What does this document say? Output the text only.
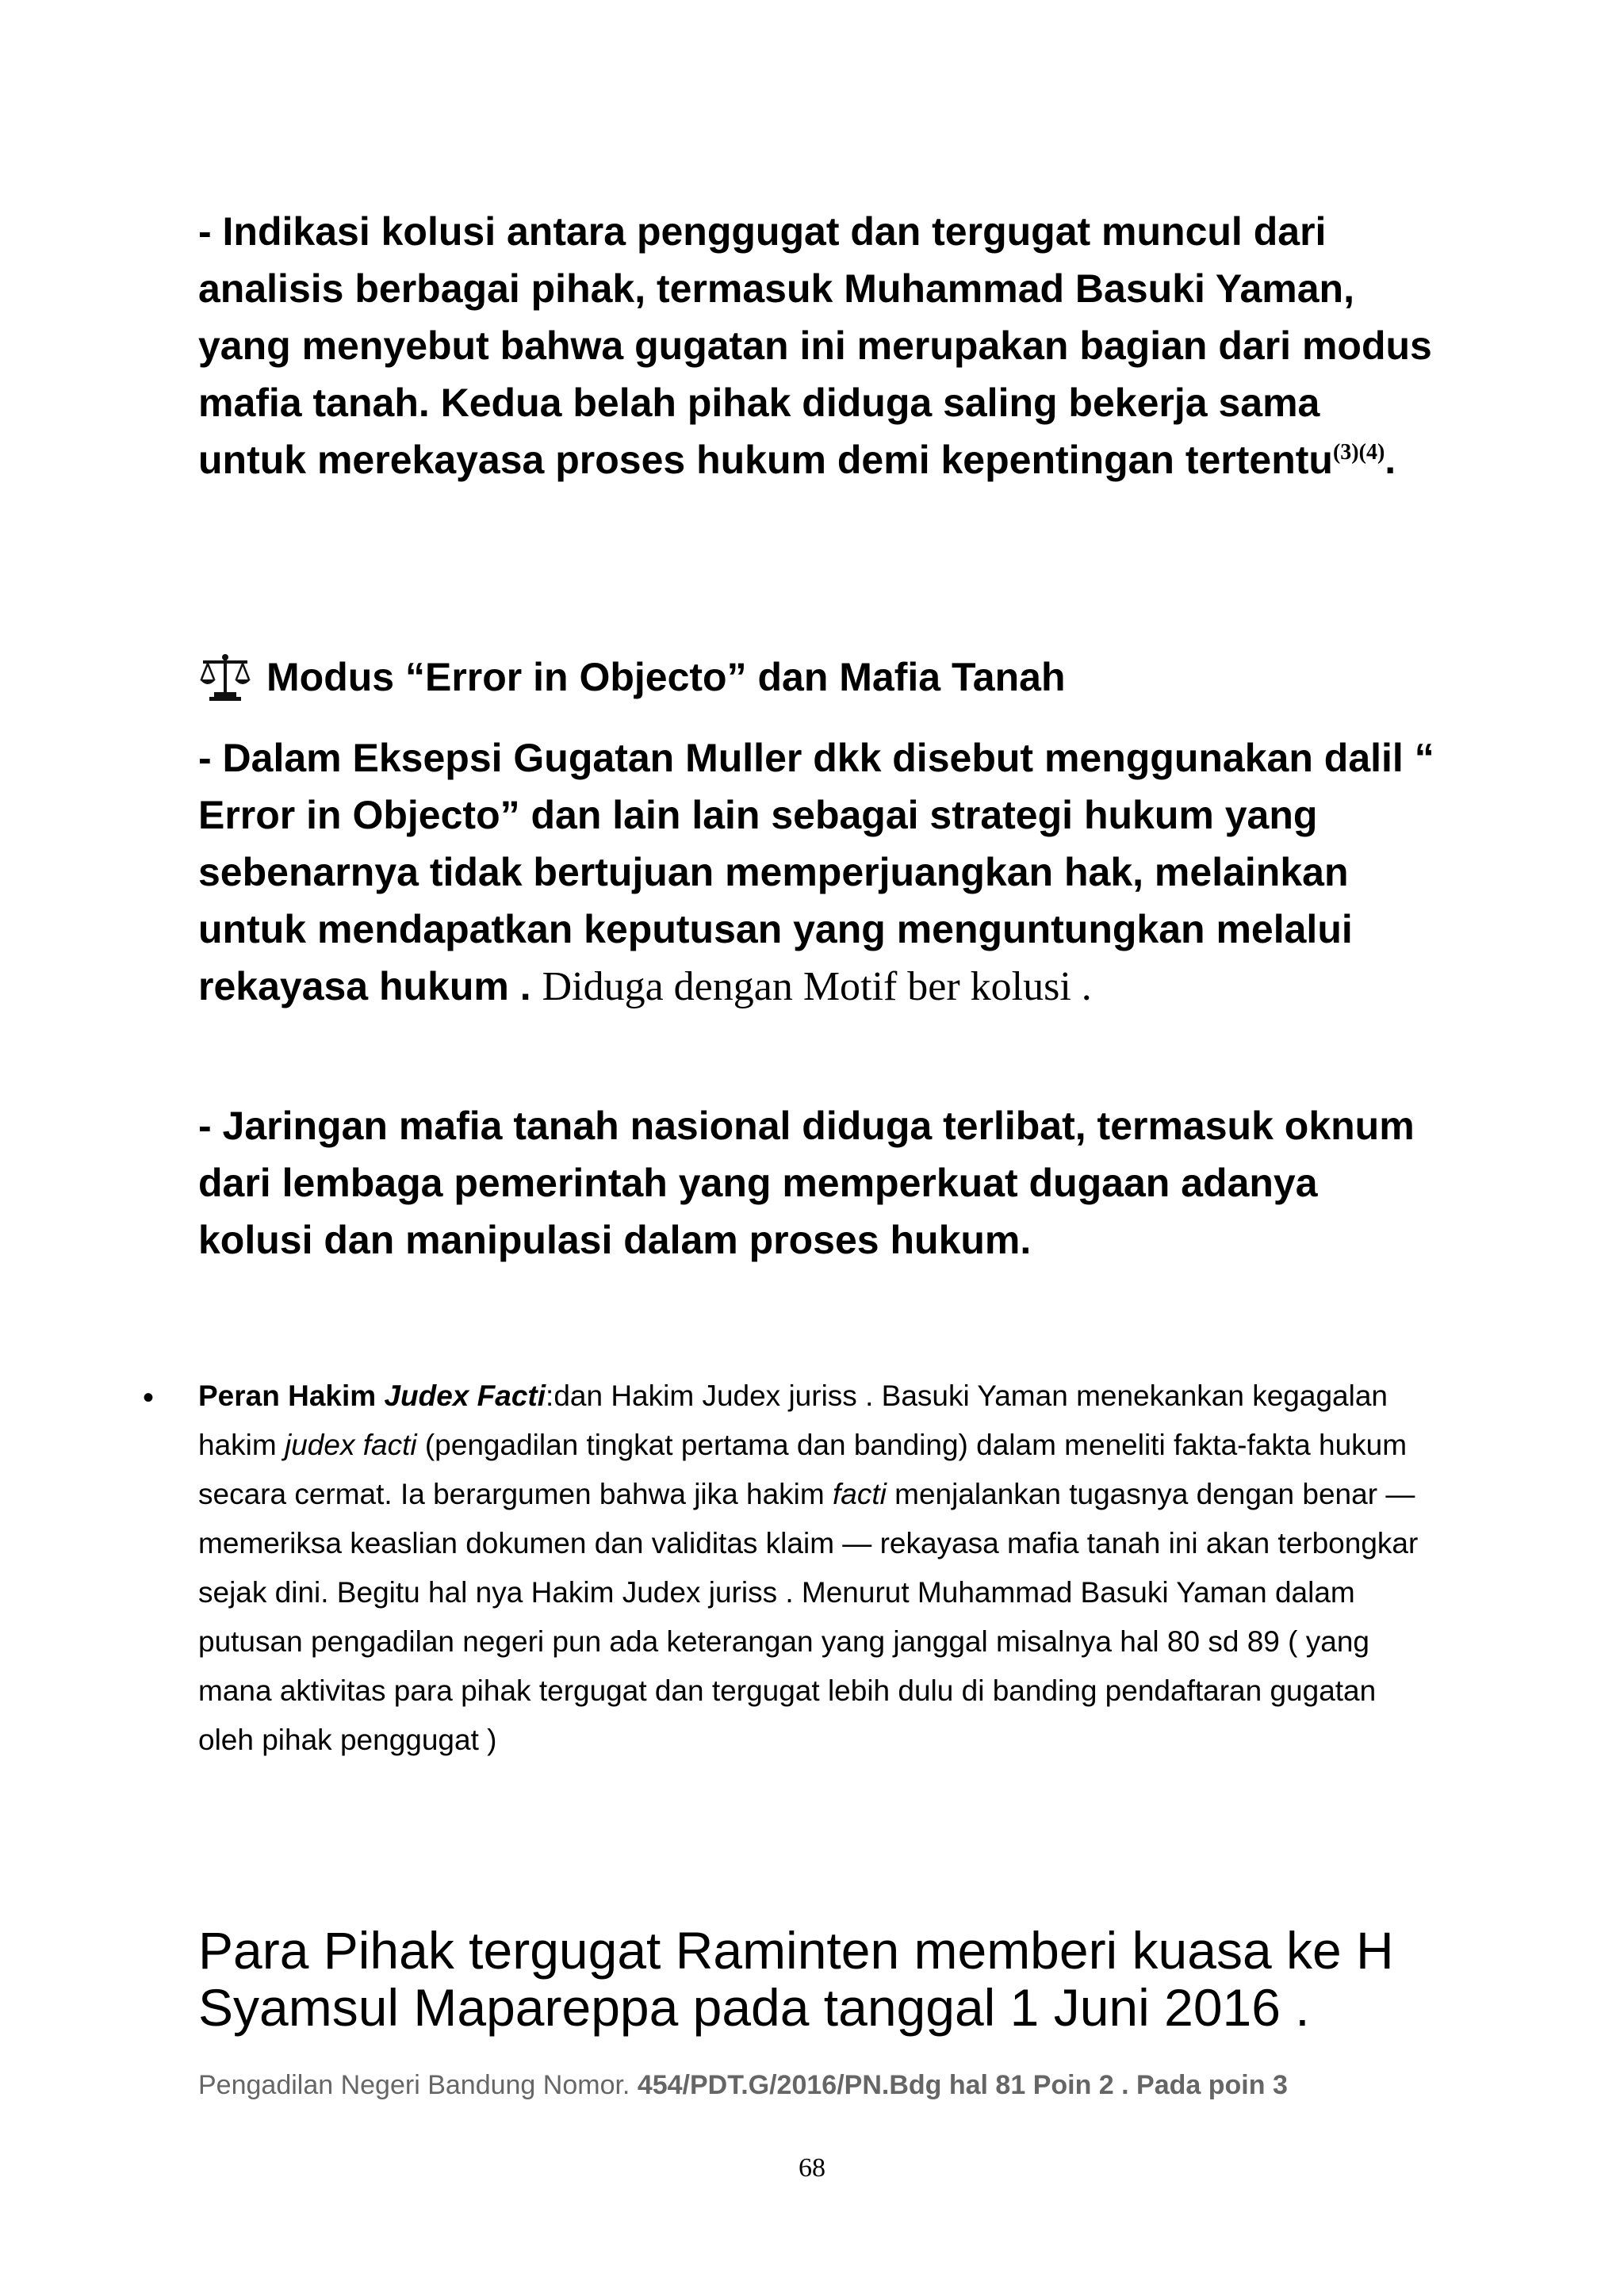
- Indikasi kolusi antara penggugat dan tergugat muncul dari analisis berbagai pihak, termasuk Muhammad Basuki Yaman, yang menyebut bahwa gugatan ini merupakan bagian dari modus mafia tanah. Kedua belah pihak diduga saling bekerja sama untuk merekayasa proses hukum demi kepentingan tertentu$^{(3)(4)}$.

Modus “Error in Objecto” dan Mafia Tanah

- Dalam Eksepsi Gugatan Muller dkk disebut menggunakan dalil “ Error in Objecto” dan lain lain sebagai strategi hukum yang sebenarnya tidak bertujuan memperjuangkan hak, melainkan untuk mendapatkan keputusan yang menguntungkan melalui rekayasa hukum . Diduga dengan Motif ber kolusi .

- Jaringan mafia tanah nasional diduga terlibat, termasuk oknum dari lembaga pemerintah yang memperkuat dugaan adanya kolusi dan manipulasi dalam proses hukum.

•	Peran Hakim Judex Facti:dan Hakim Judex juriss . Basuki Yaman menekankan kegagalan hakim judex facti (pengadilan tingkat pertama dan banding) dalam meneliti fakta-fakta hukum secara cermat. Ia berargumen bahwa jika hakim facti menjalankan tugasnya dengan benar — memeriksa keaslian dokumen dan validitas klaim — rekayasa mafia tanah ini akan terbongkar sejak dini. Begitu hal nya Hakim Judex juriss . Menurut Muhammad Basuki Yaman dalam putusan pengadilan negeri pun ada keterangan yang janggal misalnya hal 80 sd 89 ( yang mana aktivitas para pihak tergugat dan tergugat lebih dulu di banding pendaftaran gugatan oleh pihak penggugat )

Para Pihak tergugat Raminten memberi kuasa ke H Syamsul Mapareppa pada tanggal 1 Juni 2016 .

Pengadilan Negeri Bandung Nomor. 454/PDT.G/2016/PN.Bdg hal 81 Poin 2 . Pada poin 3

68
